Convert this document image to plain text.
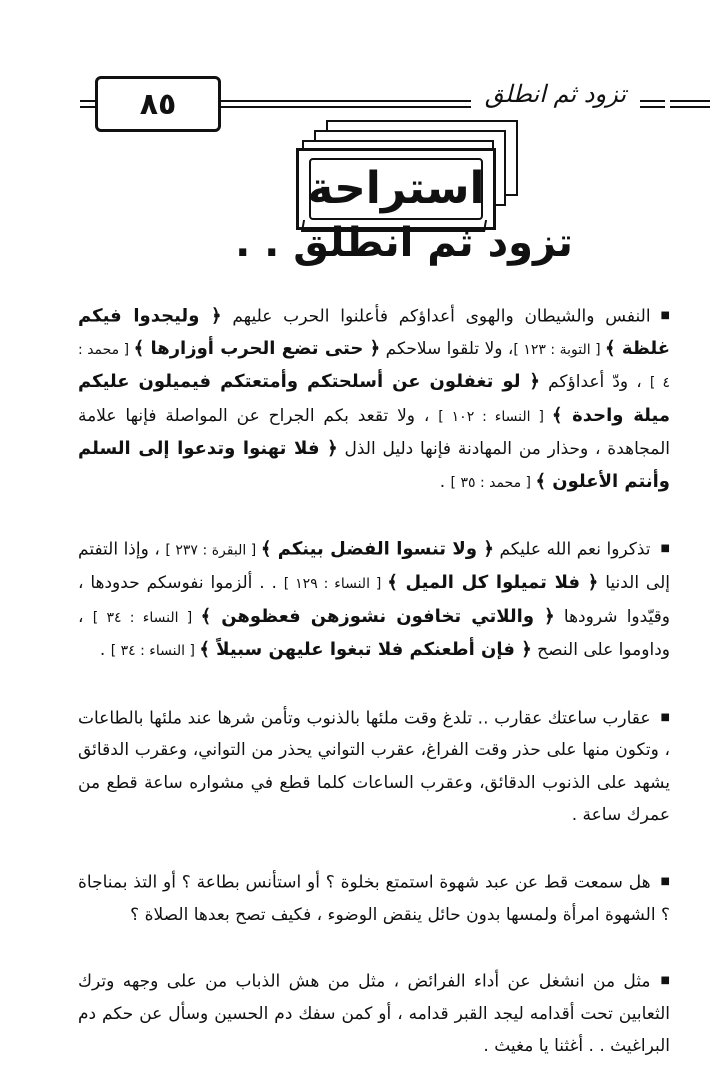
٨٥	تزود ثم انطلق
استراحة
تزود ثم انطلق . .

■النفس والشيطان والهوى أعداؤكم فأعلنوا الحرب عليهم ﴿ وليجدوا فيكم غلظة ﴾ [ التوبة : ١٢٣ ]، ولا تلقوا سلاحكم ﴿ حتى تضع الحرب أوزارها ﴾ [ محمد : ٤ ] ، ودّ أعداؤكم ﴿ لو تغفلون عن أسلحتكم وأمتعتكم فيميلون عليكم ميلة واحدة ﴾ [ النساء : ١٠٢ ] ، ولا تقعد بكم الجراح عن المواصلة فإنها علامة المجاهدة ، وحذار من المهادنة فإنها دليل الذل ﴿ فلا تهنوا وتدعوا إلى السلم وأنتم الأعلون ﴾ [ محمد : ٣٥ ] .

■تذكروا نعم الله عليكم ﴿ ولا تنسوا الفضل بينكم ﴾ [ البقرة : ٢٣٧ ] ، وإذا التفتم إلى الدنيا ﴿ فلا تميلوا كل الميل ﴾ [ النساء : ١٢٩ ] . . ألزموا نفوسكم حدودها ، وقيّدوا شرودها ﴿ واللاتي تخافون نشوزهن فعظوهن ﴾ [ النساء : ٣٤ ] ، وداوموا على النصح ﴿ فإن أطعنكم فلا تبغوا عليهن سبيلاً ﴾ [ النساء : ٣٤ ] .

■عقارب ساعتك عقارب .. تلدغ وقت ملئها بالذنوب وتأمن شرها عند ملئها بالطاعات ، وتكون منها على حذر وقت الفراغ، عقرب التواني يحذر من التواني، وعقرب الدقائق يشهد على الذنوب الدقائق، وعقرب الساعات كلما قطع في مشواره ساعة قطع من عمرك ساعة .

■هل سمعت قط عن عبد شهوة استمتع بخلوة ؟ أو استأنس بطاعة ؟ أو التذ بمناجاة ؟ الشهوة امرأة ولمسها بدون حائل ينقض الوضوء ، فكيف تصح بعدها الصلاة ؟

■مثل من انشغل عن أداء الفرائض ، مثل من هش الذباب من على وجهه وترك الثعابين تحت أقدامه ليجد القبر قدامه ، أو كمن سفك دم الحسين وسأل عن حكم دم البراغيث . . أغثنا يا مغيث .
